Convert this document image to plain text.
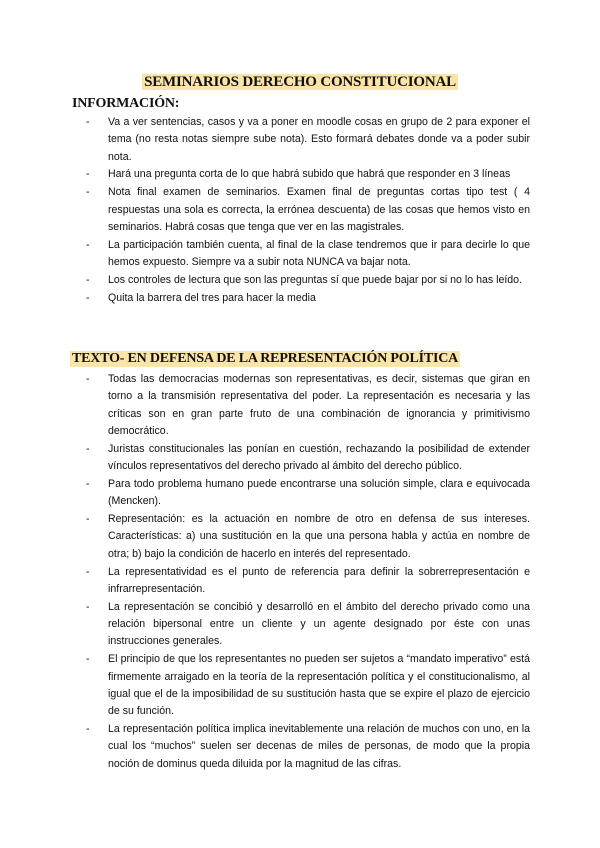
SEMINARIOS DERECHO CONSTITUCIONAL
INFORMACIÓN:
- Va a ver sentencias, casos y va a poner en moodle cosas en grupo de 2 para exponer el tema (no resta notas siempre sube nota). Esto formará debates donde va a poder subir nota.
- Hará una pregunta corta de lo que habrá subido que habrá que responder en 3 líneas
- Nota final examen de seminarios. Examen final de preguntas cortas tipo test ( 4 respuestas una sola es correcta, la errónea descuenta) de las cosas que hemos visto en seminarios. Habrá cosas que tenga que ver en las magistrales.
- La participación también cuenta, al final de la clase tendremos que ir para decirle lo que hemos expuesto. Siempre va a subir nota NUNCA va bajar nota.
- Los controles de lectura que son las preguntas sí que puede bajar por si no lo has leído.
- Quita la barrera del tres para hacer la media
TEXTO- EN DEFENSA DE LA REPRESENTACIÓN POLÍTICA
- Todas las democracias modernas son representativas, es decir, sistemas que giran en torno a la transmisión representativa del poder. La representación es necesaria y las críticas son en gran parte fruto de una combinación de ignorancia y primitivismo democrático.
- Juristas constitucionales las ponían en cuestión, rechazando la posibilidad de extender vínculos representativos del derecho privado al ámbito del derecho público.
- Para todo problema humano puede encontrarse una solución simple, clara e equivocada (Mencken).
- Representación: es la actuación en nombre de otro en defensa de sus intereses. Características: a) una sustitución en la que una persona habla y actúa en nombre de otra; b) bajo la condición de hacerlo en interés del representado.
- La representatividad es el punto de referencia para definir la sobrerrepresentación e infrarrepresentación.
- La representación se concibió y desarrolló en el ámbito del derecho privado como una relación bipersonal entre un cliente y un agente designado por éste con unas instrucciones generales.
- El principio de que los representantes no pueden ser sujetos a “mandato imperativo” está firmemente arraigado en la teoría de la representación política y el constitucionalismo, al igual que el de la imposibilidad de su sustitución hasta que se expire el plazo de ejercicio de su función.
- La representación política implica inevitablemente una relación de muchos con uno, en la cual los “muchos” suelen ser decenas de miles de personas, de modo que la propia noción de dominus queda diluida por la magnitud de las cifras.
